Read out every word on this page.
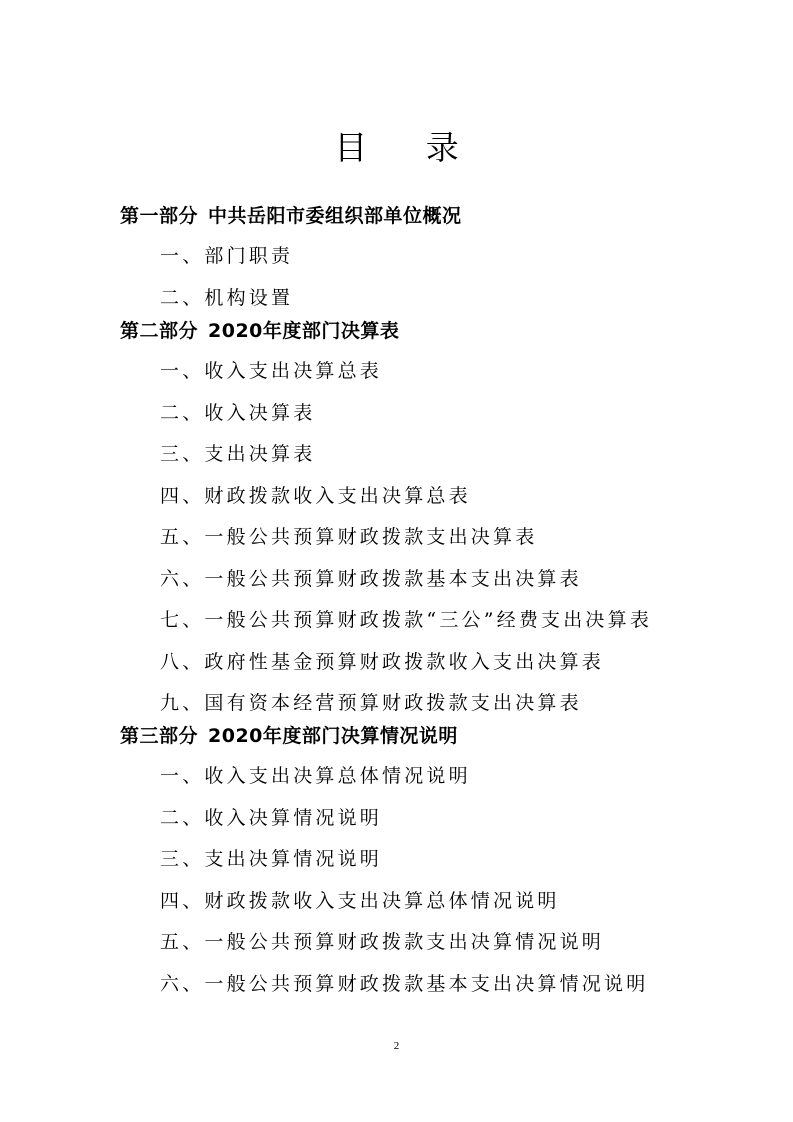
目 录
第一部分 中共岳阳市委组织部单位概况
一、部门职责
二、机构设置
第二部分 2020年度部门决算表
一、收入支出决算总表
二、收入决算表
三、支出决算表
四、财政拨款收入支出决算总表
五、一般公共预算财政拨款支出决算表
六、一般公共预算财政拨款基本支出决算表
七、一般公共预算财政拨款“三公”经费支出决算表
八、政府性基金预算财政拨款收入支出决算表
九、国有资本经营预算财政拨款支出决算表
第三部分 2020年度部门决算情况说明
一、收入支出决算总体情况说明
二、收入决算情况说明
三、支出决算情况说明
四、财政拨款收入支出决算总体情况说明
五、一般公共预算财政拨款支出决算情况说明
六、一般公共预算财政拨款基本支出决算情况说明
2
